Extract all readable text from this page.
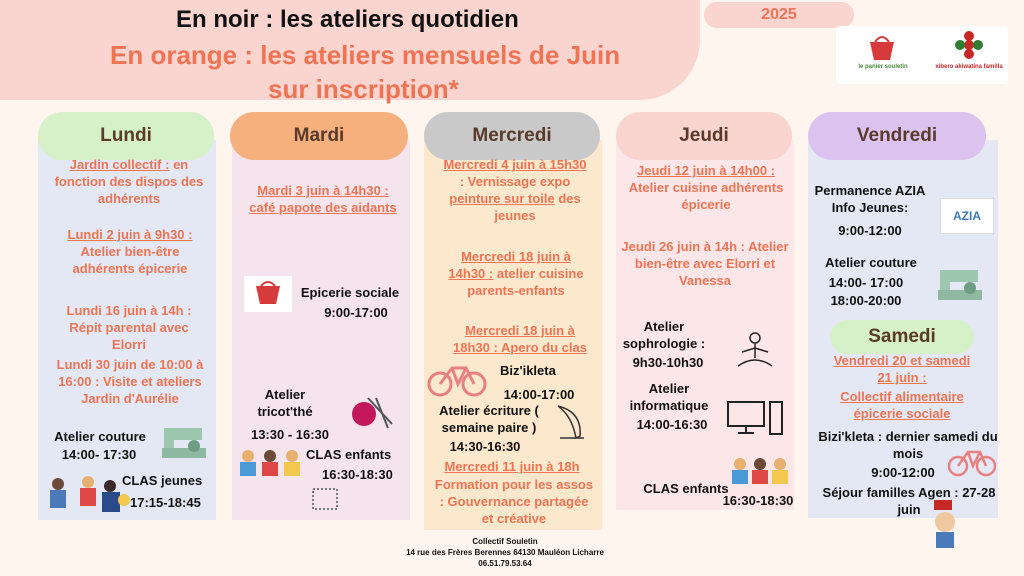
En noir : les ateliers quotidien
En orange : les ateliers mensuels de Juin
sur inscription*
2025
le panier souletin	xibero akiwatina familla
Lundi	Mardi	Mercredi	Jeudi	Vendredi
Jardin collectif : en fonction des dispos des adhérents
Lundi 2 juin à 9h30 :
Atelier bien-être adhérents épicerie
Lundi 16 juin à 14h : Répit parental avec Elorri
Lundi 30 juin de 10:00 à 16:00 : Visite et ateliers Jardin d'Aurélie
Atelier couture
14:00- 17:30
CLAS jeunes
17:15-18:45
Mardi 3 juin à 14h30 :
café papote des aidants
Epicerie sociale
9:00-17:00
Atelier tricot'thé
13:30 - 16:30
CLAS enfants
16:30-18:30
Mercredi 4 juin à 15h30
: Vernissage expo
peinture sur toile des jeunes
Mercredi 18 juin à 14h30 : atelier cuisine parents-enfants
Mercredi 18 juin à 18h30 : Apero du clas
Biz'ikleta
14:00-17:00
Atelier écriture ( semaine paire )
14:30-16:30
Mercredi 11 juin à 18h
Formation pour les assos : Gouvernance partagée et créative
Jeudi 12 juin à 14h00 :
Atelier cuisine adhérents épicerie
Jeudi 26 juin à 14h : Atelier bien-être avec Elorri et Vanessa
Atelier sophrologie :
9h30-10h30
Atelier informatique
14:00-16:30
CLAS enfants
16:30-18:30
Permanence AZIA Info Jeunes:
9:00-12:00
AZIA
Atelier couture
14:00- 17:00
18:00-20:00
Samedi
Vendredi 20 et samedi 21 juin :
Collectif alimentaire épicerie sociale
Bizi'kleta : dernier samedi du mois
9:00-12:00
Séjour familles Agen : 27-28 juin
Collectif Souletin
14 rue des Frères Berennes 64130 Mauléon Licharre
06.51.79.53.64
